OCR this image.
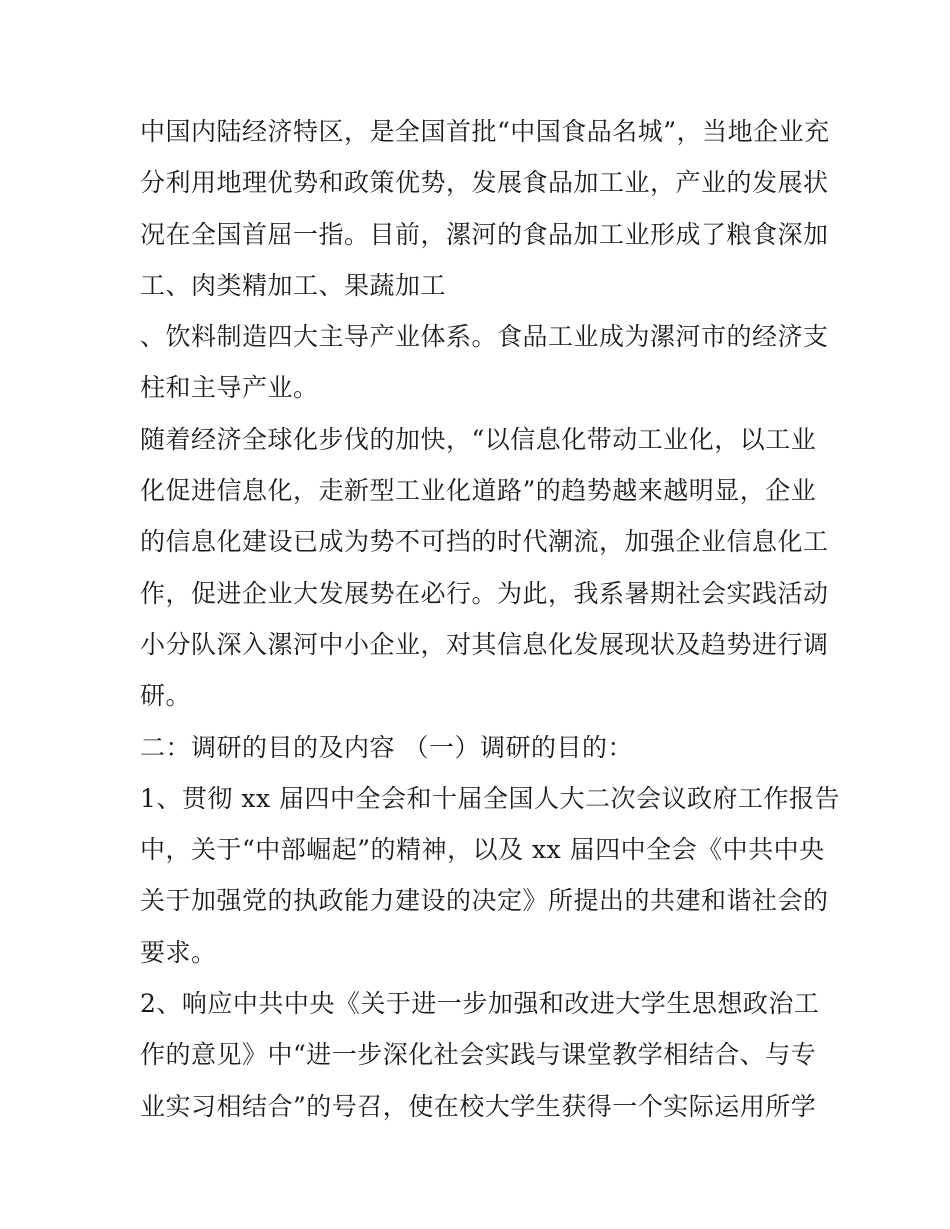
中国内陆经济特区，是全国首批“中国食品名城”，当地企业充
分利用地理优势和政策优势，发展食品加工业，产业的发展状
况在全国首屈一指。目前，漯河的食品加工业形成了粮食深加
工、肉类精加工、果蔬加工
、饮料制造四大主导产业体系。食品工业成为漯河市的经济支
柱和主导产业。
随着经济全球化步伐的加快，“以信息化带动工业化，以工业
化促进信息化，走新型工业化道路”的趋势越来越明显，企业
的信息化建设已成为势不可挡的时代潮流，加强企业信息化工
作，促进企业大发展势在必行。为此，我系暑期社会实践活动
小分队深入漯河中小企业，对其信息化发展现状及趋势进行调
研。
二：调研的目的及内容 （一）调研的目的：
1、贯彻 xx 届四中全会和十届全国人大二次会议政府工作报告
中，关于“中部崛起”的精神，以及 xx 届四中全会《中共中央
关于加强党的执政能力建设的决定》所提出的共建和谐社会的
要求。
2、响应中共中央《关于进一步加强和改进大学生思想政治工
作的意见》中“进一步深化社会实践与课堂教学相结合、与专
业实习相结合”的号召，使在校大学生获得一个实际运用所学
